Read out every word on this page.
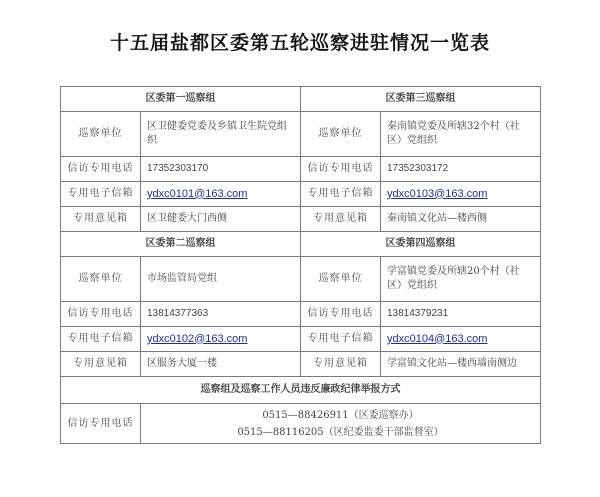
十五届盐都区委第五轮巡察进驻情况一览表
区委第一巡察组		区委第三巡察组	
巡察单位	区卫健委党委及乡镇卫生院党组织	巡察单位	秦南镇党委及所辖32个村（社区）党组织
信访专用电话	17352303170	信访专用电话	17352303172
专用电子信箱	ydxc0101@163.com	专用电子信箱	ydxc0103@163.com
专用意见箱	区卫健委大门西侧	专用意见箱	秦南镇文化站—楼西侧
区委第二巡察组		区委第四巡察组	
巡察单位	市场监管局党组	巡察单位	学富镇党委及所辖20个村（社区）党组织
信访专用电话	13814377363	信访专用电话	13814379231
专用电子信箱	ydxc0102@163.com	专用电子信箱	ydxc0104@163.com
专用意见箱	区服务大厦一楼	专用意见箱	学富镇文化站—楼西墙南侧边
巡察组及巡察工作人员违反廉政纪律举报方式			
信访专用电话	0515—88426911（区委巡察办）
0515—88116205（区纪委监委干部监督室）		
